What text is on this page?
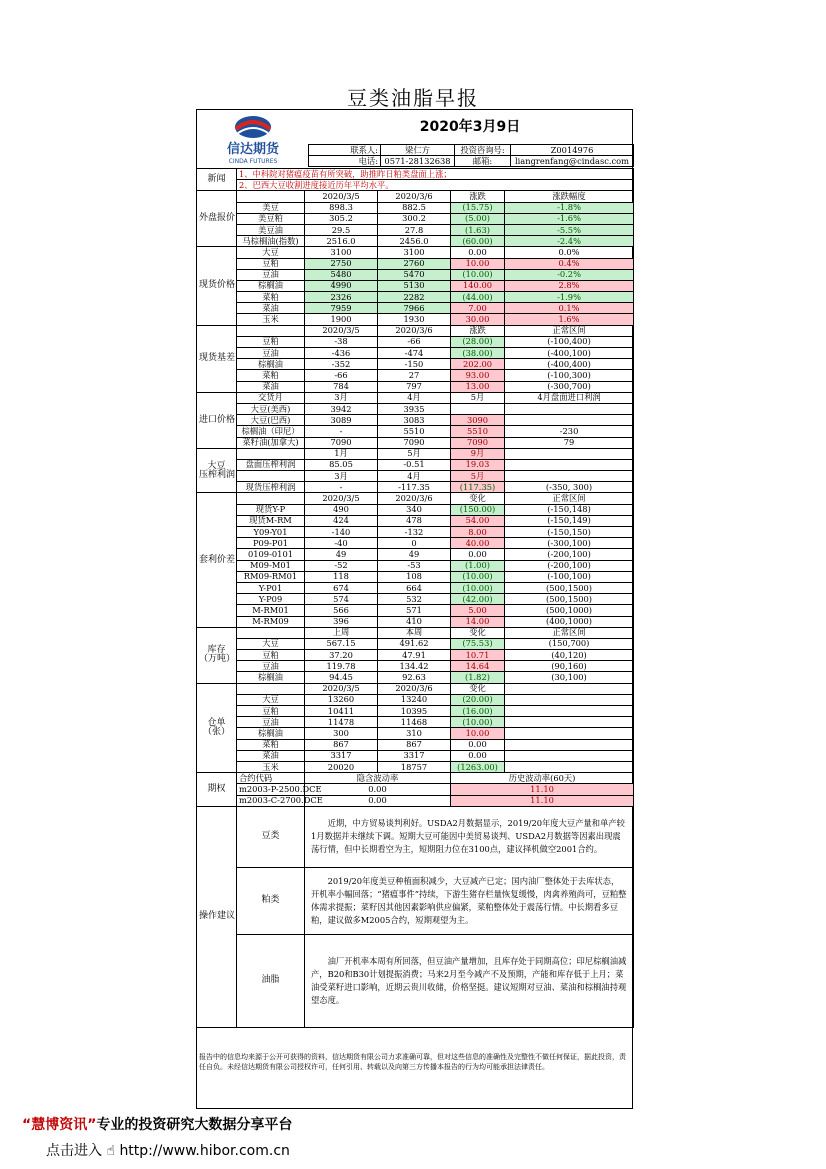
豆类油脂早报
信达期货
CINDA FUTURES
2020年3月9日
联系人:	梁仁方	投资咨询号:	Z0014976
电话:	0571-28132638	邮箱:	liangrenfang@cindasc.com
新闻	1、中科院对猪瘟疫苗有所突破，助推昨日粕类盘面上涨；				
	2、巴西大豆收割进度接近历年平均水平。				
外盘报价		2020/3/5	2020/3/6	涨跌	涨跌幅度
	美豆	898.3	882.5	(15.75)	-1.8%
	美豆粕	305.2	300.2	(5.00)	-1.6%
	美豆油	29.5	27.8	(1.63)	-5.5%
	马棕榈油(指数)	2516.0	2456.0	(60.00)	-2.4%
现货价格	大豆	3100	3100	0.00	0.0%
	豆粕	2750	2760	10.00	0.4%
	豆油	5480	5470	(10.00)	-0.2%
	棕榈油	4990	5130	140.00	2.8%
	菜粕	2326	2282	(44.00)	-1.9%
	菜油	7959	7966	7.00	0.1%
	玉米	1900	1930	30.00	1.6%
现货基差		2020/3/5	2020/3/6	涨跌	正常区间
	豆粕	-38	-66	(28.00)	(-100,400)
	豆油	-436	-474	(38.00)	(-400,100)
	棕榈油	-352	-150	202.00	(-400,400)
	菜粕	-66	27	93.00	(-100,300)
	菜油	784	797	13.00	(-300,700)
进口价格	交货月	3月	4月	5月	4月盘面进口利润
	大豆(美西)	3942	3935		
	大豆(巴西)	3089	3083	3090	
	棕榈油（印尼）	-	5510	5510	-230
	菜籽油(加拿大)	7090	7090	7090	79

大豆
压榨利润		1月	5月	9月	
	盘面压榨利润	85.05	-0.51	19.03	
		3月	4月	5月	
	现货压榨利润	-	-117.35	(117.35)	(-350, 300)
套利价差		2020/3/5	2020/3/6	变化	正常区间
	现货Y-P	490	340	(150.00)	(-150,148)
	现货M-RM	424	478	54.00	(-150,149)
	Y09-Y01	-140	-132	8.00	(-150,150)
	P09-P01	-40	0	40.00	(-300,100)
	0109-0101	49	49	0.00	(-200,100)
	M09-M01	-52	-53	(1.00)	(-200,100)
	RM09-RM01	118	108	(10.00)	(-100,100)
	Y-P01	674	664	(10.00)	(500,1500)
	Y-P09	574	532	(42.00)	(500,1500)
	M-RM01	566	571	5.00	(500,1000)
	M-RM09	396	410	14.00	(400,1000)

库存
（万吨）		上周	本周	变化	正常区间
	大豆	567.15	491.62	(75.53)	(150,700)
	豆粕	37.20	47.91	10.71	(40,120)
	豆油	119.78	134.42	14.64	(90,160)
	棕榈油	94.45	92.63	(1.82)	(30,100)

仓单
（张）		2020/3/5	2020/3/6	变化	
	大豆	13260	13240	(20.00)	
	豆粕	10411	10395	(16.00)	
	豆油	11478	11468	(10.00)	
	棕榈油	300	310	10.00	
	菜粕	867	867	0.00	
	菜油	3317	3317	0.00	
	玉米	20020	18757	(1263.00)	
期权	合约代码	隐含波动率		历史波动率(60天)	
	m2003-P-2500.DCE	0.00		11.10	
	m2003-C-2700.DCE	0.00		11.10	
操作建议	豆类	近期，中方贸易谈判利好。USDA2月数据显示，2019/20年度大豆产量和单产较1月数据并未继续下调。短期大豆可能因中美贸易谈判、USDA2月数据等因素出现震荡行情，但中长期看空为主，短期阻力位在3100点，建议择机做空2001合约。			
	粕类	2019/20年度美豆种植面积减少，大豆减产已定；国内油厂整体处于去库状态，开机率小幅回落；“猪瘟事件”持续，下游生猪存栏量恢复缓慢，肉禽养殖尚可，豆粕整体需求提振；菜籽因其他因素影响供应偏紧，菜粕整体处于震荡行情。中长期看多豆粕，建议做多M2005合约，短期观望为主。			
	油脂	油厂开机率本周有所回落，但豆油产量增加，且库存处于同期高位；印尼棕榈油减产，B20和B30计划提振消费；马来2月至今减产不及预期，产能和库存低于上月；菜油受菜籽进口影响，近期云贵川收储，价格坚挺。建议短期对豆油、菜油和棕榈油持观望态度。			
报告中的信息均来源于公开可获得的资料，信达期货有限公司力求准确可靠，但对这些信息的准确性及完整性不做任何保证，据此投资，责任自负。未经信达期货有限公司授权许可，任何引用、转载以及向第三方传播本报告的行为均可能承担法律责任。
“慧博资讯”专业的投资研究大数据分享平台
点击进入 ☝ http://www.hibor.com.cn
